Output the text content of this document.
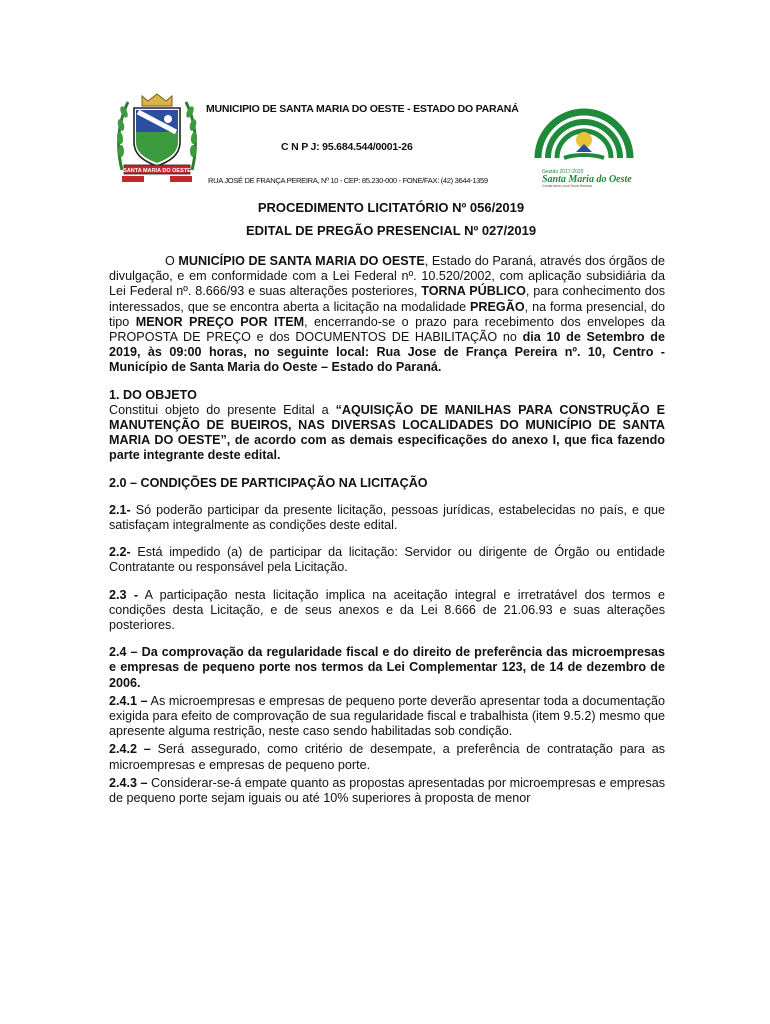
SANTA MARIA DO OESTE
MUNICIPIO DE SANTA MARIA DO OESTE - ESTADO DO PARANÁ
C N P J: 95.684.544/0001-26
RUA JOSÉ DE FRANÇA PEREIRA, Nº 10 - CEP: 85.230-000 - FONE/FAX: (42) 3644-1359
Gestão 2017-2020
Santa Maria do Oeste
Construindo uma Nova História
PROCEDIMENTO LICITATÓRIO Nº 056/2019
EDITAL DE PREGÃO PRESENCIAL Nº 027/2019

O MUNICÍPIO DE SANTA MARIA DO OESTE, Estado do Paraná, através dos órgãos de divulgação, e em conformidade com a Lei Federal nº. 10.520/2002, com aplicação subsidiária da Lei Federal nº. 8.666/93 e suas alterações posteriores, TORNA PÚBLICO, para conhecimento dos interessados, que se encontra aberta a licitação na modalidade PREGÃO, na forma presencial, do tipo MENOR PREÇO POR ITEM, encerrando-se o prazo para recebimento dos envelopes da PROPOSTA DE PREÇO e dos DOCUMENTOS DE HABILITAÇÃO no dia 10 de Setembro de 2019, às 09:00 horas, no seguinte local: Rua Jose de França Pereira nº. 10, Centro - Município de Santa Maria do Oeste – Estado do Paraná.

1. DO OBJETO

Constitui objeto do presente Edital a “AQUISIÇÃO DE MANILHAS PARA CONSTRUÇÃO E MANUTENÇÃO DE BUEIROS, NAS DIVERSAS LOCALIDADES DO MUNICÍPIO DE SANTA MARIA DO OESTE”, de acordo com as demais especificações do anexo I, que fica fazendo parte integrante deste edital.

2.0 – CONDIÇÕES DE PARTICIPAÇÃO NA LICITAÇÃO

2.1- Só poderão participar da presente licitação, pessoas jurídicas, estabelecidas no país, e que satisfaçam integralmente as condições deste edital.

2.2- Está impedido (a) de participar da licitação: Servidor ou dirigente de Órgão ou entidade Contratante ou responsável pela Licitação.

2.3 - A participação nesta licitação implica na aceitação integral e irretratável dos termos e condições desta Licitação, e de seus anexos e da Lei 8.666 de 21.06.93 e suas alterações posteriores.

2.4 – Da comprovação da regularidade fiscal e do direito de preferência das microempresas e empresas de pequeno porte nos termos da Lei Complementar 123, de 14 de dezembro de 2006.

2.4.1 – As microempresas e empresas de pequeno porte deverão apresentar toda a documentação exigida para efeito de comprovação de sua regularidade fiscal e trabalhista (item 9.5.2) mesmo que apresente alguma restrição, neste caso sendo habilitadas sob condição.

2.4.2 – Será assegurado, como critério de desempate, a preferência de contratação para as microempresas e empresas de pequeno porte.

2.4.3 – Considerar-se-á empate quanto as propostas apresentadas por microempresas e empresas de pequeno porte sejam iguais ou até 10% superiores à proposta de menor
